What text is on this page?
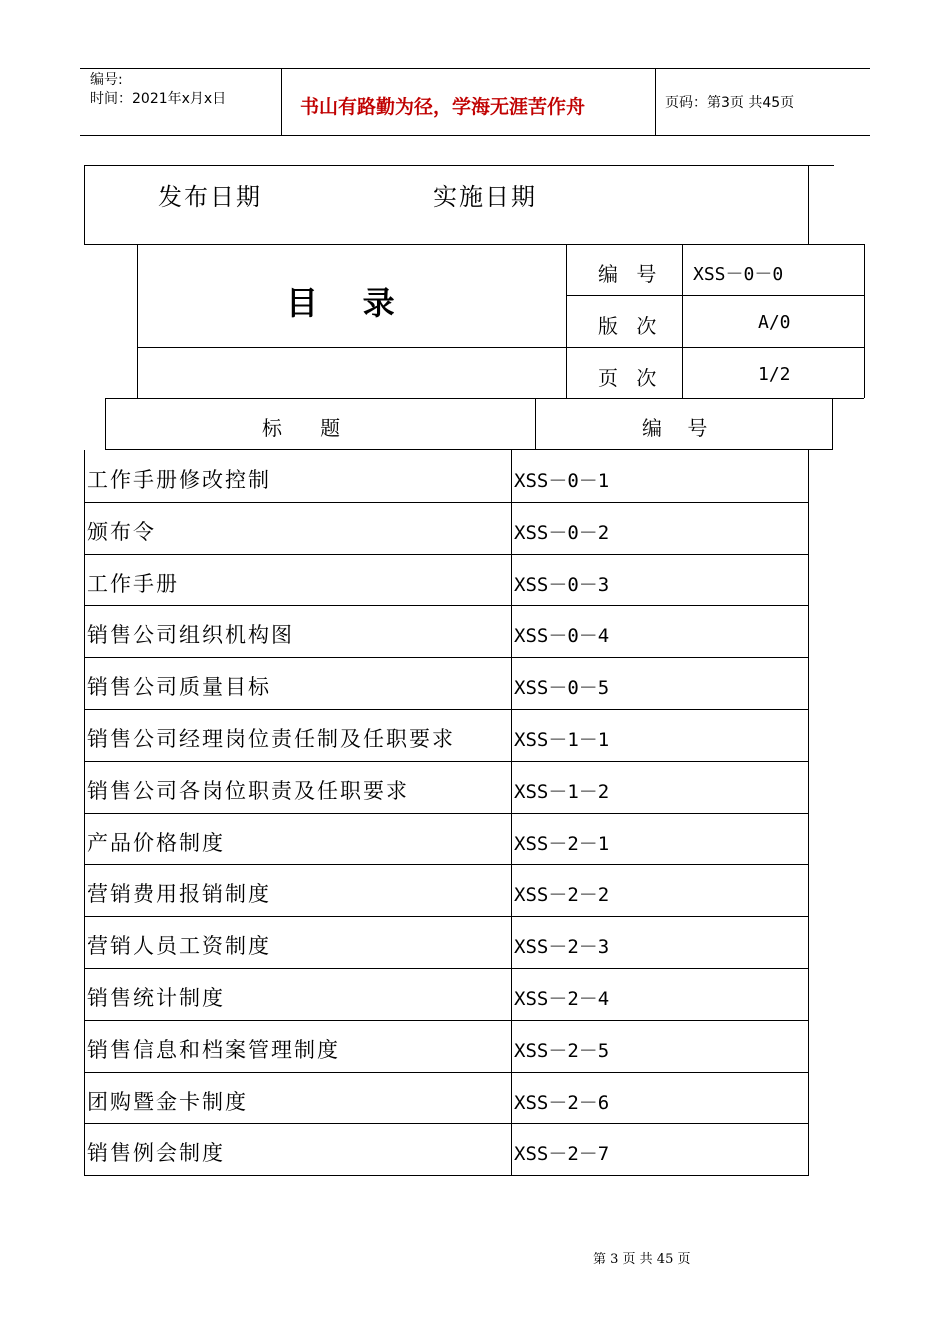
编号:
时间：2021年x月x日	书山有路勤为径，学海无涯苦作舟	页码：第3页 共45页
发布日期	实施日期
目    录
编 号 XSS－0－0
版 次	A/0
页 次	1/2
标      题	编    号
工作手册修改控制	XSS－0－1
颁布令	XSS－0－2
工作手册	XSS－0－3
销售公司组织机构图	XSS－0－4
销售公司质量目标	XSS－0－5
销售公司经理岗位责任制及任职要求	XSS－1－1
销售公司各岗位职责及任职要求	XSS－1－2
产品价格制度	XSS－2－1
营销费用报销制度	XSS－2－2
营销人员工资制度	XSS－2－3
销售统计制度	XSS－2－4
销售信息和档案管理制度	XSS－2－5
团购暨金卡制度	XSS－2－6
销售例会制度	XSS－2－7
第 3 页 共 45 页
